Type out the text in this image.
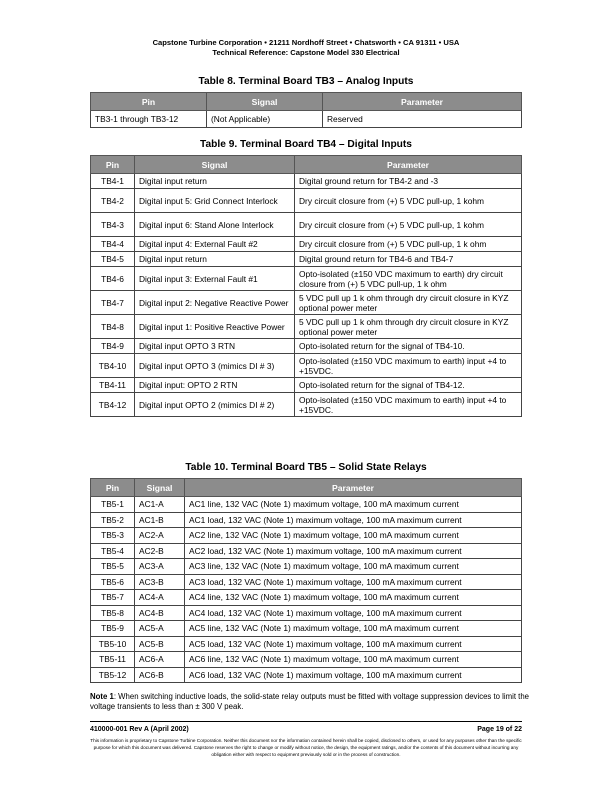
Capstone Turbine Corporation • 21211 Nordhoff Street • Chatsworth • CA 91311 • USA
Technical Reference: Capstone Model 330 Electrical
Table 8. Terminal Board TB3 – Analog Inputs
Pin	Signal	Parameter
TB3-1 through TB3-12	(Not Applicable)	Reserved
Table 9. Terminal Board TB4 – Digital Inputs
Pin	Signal	Parameter
TB4-1	Digital input return	Digital ground return for TB4-2 and -3
TB4-2	Digital input 5: Grid Connect Interlock	Dry circuit closure from (+) 5 VDC pull-up, 1 kohm
TB4-3	Digital input 6: Stand Alone Interlock	Dry circuit closure from (+) 5 VDC pull-up, 1 kohm
TB4-4	Digital input 4: External Fault #2	Dry circuit closure from (+) 5 VDC pull-up, 1 k ohm
TB4-5	Digital input return	Digital ground return for TB4-6 and TB4-7
TB4-6	Digital input 3: External Fault #1	Opto-isolated (±150 VDC maximum to earth) dry circuit closure from (+) 5 VDC pull-up, 1 k ohm
TB4-7	Digital input 2: Negative Reactive Power	5 VDC pull up 1 k ohm through dry circuit closure in KYZ optional power meter
TB4-8	Digital input 1: Positive Reactive Power	5 VDC pull up 1 k ohm through dry circuit closure in KYZ optional power meter
TB4-9	Digital input OPTO 3 RTN	Opto-isolated return for the signal of TB4-10.
TB4-10	Digital input OPTO 3 (mimics DI # 3)	Opto-isolated (±150 VDC maximum to earth) input +4 to +15VDC.
TB4-11	Digital input: OPTO 2 RTN	Opto-isolated return for the signal of TB4-12.
TB4-12	Digital input OPTO 2 (mimics DI # 2)	Opto-isolated (±150 VDC maximum to earth) input +4 to +15VDC.
Table 10. Terminal Board TB5 – Solid State Relays
Pin	Signal	Parameter
TB5-1	AC1-A	AC1 line, 132 VAC (Note 1) maximum voltage, 100 mA maximum current
TB5-2	AC1-B	AC1 load, 132 VAC (Note 1) maximum voltage, 100 mA maximum current
TB5-3	AC2-A	AC2 line, 132 VAC (Note 1) maximum voltage, 100 mA maximum current
TB5-4	AC2-B	AC2 load, 132 VAC (Note 1) maximum voltage, 100 mA maximum current
TB5-5	AC3-A	AC3 line, 132 VAC (Note 1) maximum voltage, 100 mA maximum current
TB5-6	AC3-B	AC3 load, 132 VAC (Note 1) maximum voltage, 100 mA maximum current
TB5-7	AC4-A	AC4 line, 132 VAC (Note 1) maximum voltage, 100 mA maximum current
TB5-8	AC4-B	AC4 load, 132 VAC (Note 1) maximum voltage, 100 mA maximum current
TB5-9	AC5-A	AC5 line, 132 VAC (Note 1) maximum voltage, 100 mA maximum current
TB5-10	AC5-B	AC5 load, 132 VAC (Note 1) maximum voltage, 100 mA maximum current
TB5-11	AC6-A	AC6 line, 132 VAC (Note 1) maximum voltage, 100 mA maximum current
TB5-12	AC6-B	AC6 load, 132 VAC (Note 1) maximum voltage, 100 mA maximum current
Note 1: When switching inductive loads, the solid-state relay outputs must be fitted with voltage suppression devices to limit the voltage transients to less than ± 300 V peak.
410000-001 Rev A (April 2002)	Page 19 of 22
This information is proprietary to Capstone Turbine Corporation. Neither this document nor the information contained herein shall be copied, disclosed to others, or used for any purposes other than the specific purpose for which this document was delivered. Capstone reserves the right to change or modify without notice, the design, the equipment ratings, and/or the contents of this document without incurring any obligation either with respect to equipment previously sold or in the process of construction.
